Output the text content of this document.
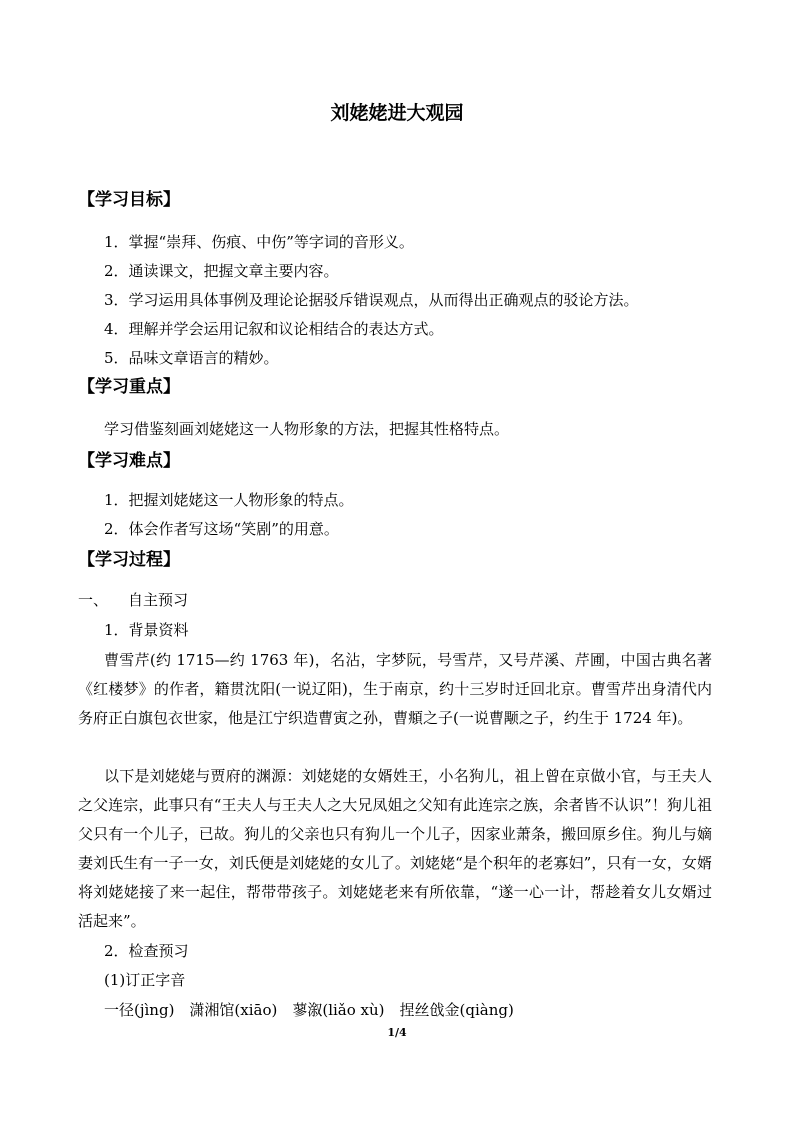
刘姥姥进大观园
【学习目标】
1．掌握“崇拜、伤痕、中伤”等字词的音形义。
2．通读课文，把握文章主要内容。
3．学习运用具体事例及理论论据驳斥错误观点，从而得出正确观点的驳论方法。
4．理解并学会运用记叙和议论相结合的表达方式。
5．品味文章语言的精妙。
【学习重点】
学习借鉴刻画刘姥姥这一人物形象的方法，把握其性格特点。
【学习难点】
1．把握刘姥姥这一人物形象的特点。
2．体会作者写这场“笑剧”的用意。
【学习过程】
一、 自主预习
1．背景资料
曹雪芹(约 1715—约 1763 年)，名沾，字梦阮，号雪芹，又号芹溪、芹圃，中国古典名著《红楼梦》的作者，籍贯沈阳(一说辽阳)，生于南京，约十三岁时迁回北京。曹雪芹出身清代内务府正白旗包衣世家，他是江宁织造曹寅之孙，曹頫之子(一说曹颙之子，约生于 1724 年)。
以下是刘姥姥与贾府的渊源：刘姥姥的女婿姓王，小名狗儿，祖上曾在京做小官，与王夫人之父连宗，此事只有“王夫人与王夫人之大兄凤姐之父知有此连宗之族，余者皆不认识”！狗儿祖父只有一个儿子，已故。狗儿的父亲也只有狗儿一个儿子，因家业萧条，搬回原乡住。狗儿与嫡妻刘氏生有一子一女，刘氏便是刘姥姥的女儿了。刘姥姥“是个积年的老寡妇”，只有一女，女婿将刘姥姥接了来一起住，帮带带孩子。刘姥姥老来有所依靠，“遂一心一计，帮趁着女儿女婿过活起来”。
2．检查预习
(1)订正字音
一径(jìng)　潇湘馆(xiāo)　蓼溆(liǎo xù)　捏丝戗金(qiàng)
1/4
